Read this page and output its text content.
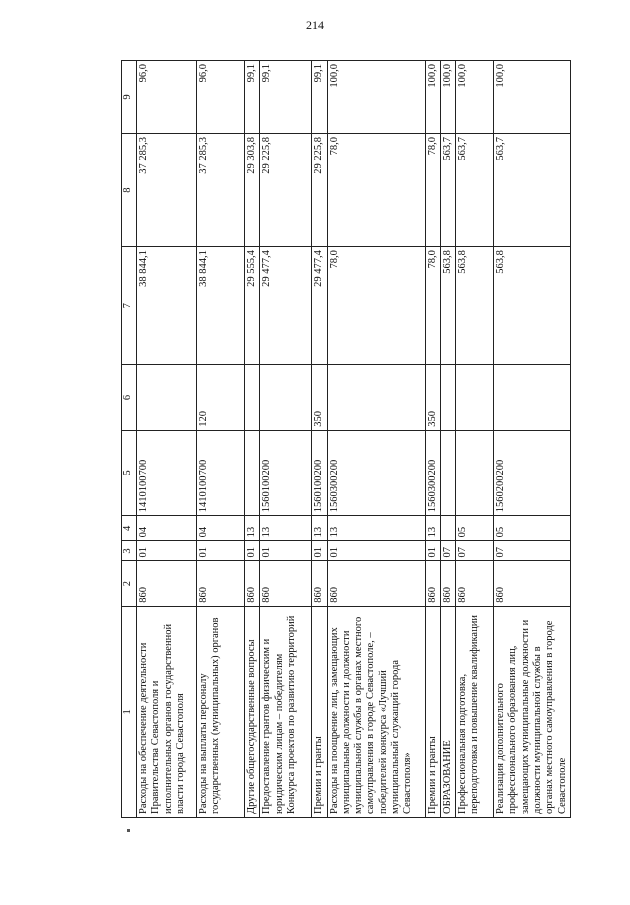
214
1	2	3	4	5	6	7	8	9
Расходы на обеспечение деятельности Правительства Севастополя и исполнительных органов государственной власти города Севастополя	860	01	04	1410100700		38 844,1	37 285,3	96,0
Расходы на выплаты персоналу государственных (муниципальных) органов	860	01	04	1410100700	120	38 844,1	37 285,3	96,0
Другие общегосударственные вопросы	860	01	13			29 555,4	29 303,8	99,1
Предоставление грантов физическим и юридическим лицам – победителям Конкурса проектов по развитию территорий	860	01	13	1560100200		29 477,4	29 225,8	99,1
Премии и гранты	860	01	13	1560100200	350	29 477,4	29 225,8	99,1
Расходы на поощрение лиц, замещающих муниципальные должности и должности муниципальной службы в органах местного самоуправления в городе Севастополе, – победителей конкурса «Лучший муниципальный служащий города Севастополя»	860	01	13	1560300200		78,0	78,0	100,0
Премии и гранты	860	01	13	1560300200	350	78,0	78,0	100,0
ОБРАЗОВАНИЕ	860	07				563,8	563,7	100,0
Профессиональная подготовка, переподготовка и повышение квалификации	860	07	05			563,8	563,7	100,0
Реализация дополнительного профессионального образования лиц, замещающих муниципальные должности и должности муниципальной службы в органах местного самоуправления в городе Севастополе	860	07	05	1560200200		563,8	563,7	100,0
